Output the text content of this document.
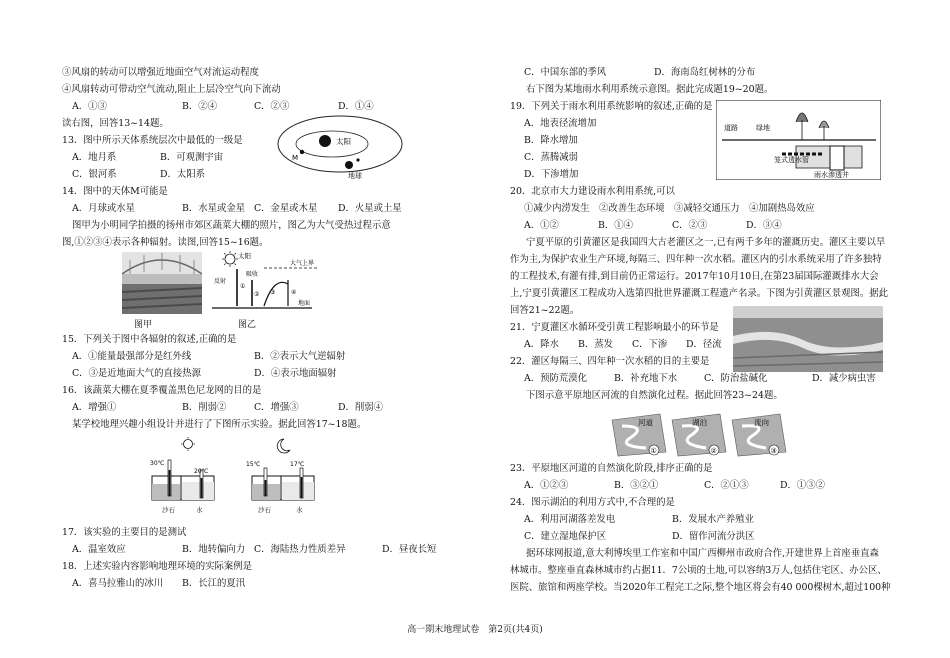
③风扇的转动可以增强近地面空气对流运动程度
④风扇转动可带动空气流动,阻止上层冷空气向下流动
A．①③	B．②④	C．②③	D．①④
读右图，回答13~14题。
13．图中所示天体系统层次中最低的一级是
A．地月系	B．可观测宇宙
C．银河系	D．太阳系
14．图中的天体M可能是
A．月球或水星	B．水星或金星 C．金星或木星 D．火星或土星
图甲为小明同学拍摄的扬州市郊区蔬菜大棚的照片，图乙为大气受热过程示意
图,①②③④表示各种辐射。读图,回答15~16题。
图甲	图乙
15．下列关于图中各辐射的叙述,正确的是
A．①能量最强部分是红外线	B．②表示大气逆辐射
C．③是近地面大气的直接热源	D．④表示地面辐射
16．该蔬菜大棚在夏季覆盖黑色尼龙网的目的是
A．增强①	B．削弱②	C．增强③	D．削弱④
某学校地理兴趣小组设计并进行了下图所示实验。据此回答17~18题。
17．该实验的主要目的是测试
A．温室效应	B．地转偏向力 C．海陆热力性质差异	D．昼夜长短
18．上述实验内容影响地理环境的实际案例是
A．喜马拉雅山的冰川 B．长江的夏汛
太阳
地球
M
太阳
大气上界
①
反射
吸收
② ③	④
地面
30℃
20℃
沙石	水
15℃	17℃
沙石	水
C．中国东部的季风	D．海南岛红树林的分布
右下图为某地雨水利用系统示意图。据此完成题19~20题。
19．下列关于雨水利用系统影响的叙述,正确的是
A．地表径流增加
B．降水增加
C．蒸腾减弱
D．下渗增加
20．北京市大力建设雨水利用系统,可以
①减少内涝发生　②改善生态环境　③减轻交通压力　④加剧热岛效应
A．①②	B．①④	C．②③	D．③④
宁夏平原的引黄灌区是我国四大古老灌区之一,已有两千多年的灌溉历史。灌区主要以旱
作为主,为保护农业生产环境,每隔三、四年种一次水稻。灌区内的引水系统采用了许多独特
的工程技术,有灌有排,到目前仍正常运行。2017年10月10日,在第23届国际灌溉排水大会
上,宁夏引黄灌区工程成功入选第四批世界灌溉工程遗产名录。下图为引黄灌区景观图。据此
回答21~22题。
21．宁夏灌区水循环受引黄工程影响最小的环节是
A．降水 B．蒸发 C．下渗 D．径流
22．灌区每隔三、四年种一次水稻的目的主要是
A．预防荒漠化	B．补充地下水	C．防治盐碱化	D．减少病虫害
下图示意平原地区河流的自然演化过程。据此回答23~24题。
23．平原地区河道的自然演化阶段,排序正确的是
A．①②③	B．③②①	C．②①③	D．①③②
24．图示湖泊的利用方式中,不合理的是
A．利用河湖落差发电	B．发展水产养殖业
C．建立湿地保护区	D．留作河流分洪区
据环球网报道,意大利博埃里工作室和中国广西柳州市政府合作,开建世界上首座垂直森
林城市。整座垂直森林城市约占据11．7公顷的土地,可以容纳3万人,包括住宅区、办公区、
医院、旅馆和两座学校。当2020年工程完工之际,整个地区将会有40 000棵树木,超过100种
道路	绿地
笼式透水管
雨水渗透井
河道
①
湖泊
②
流向
③
高一期末地理试卷　第2页(共4页)
